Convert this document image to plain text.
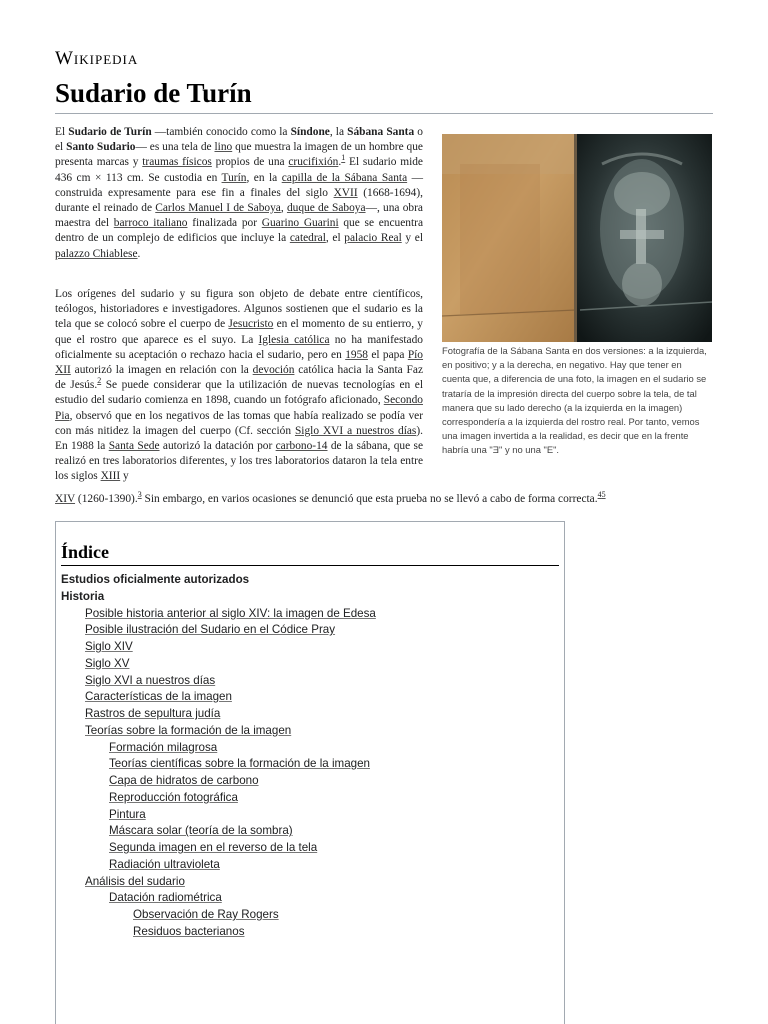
Wikipedia
Sudario de Turín

El Sudario de Turín —también conocido como la Síndone, la Sábana Santa o el Santo Sudario— es una tela de lino que muestra la imagen de un hombre que presenta marcas y traumas físicos propios de una crucifixión.$^1$ El sudario mide 436 cm × 113 cm. Se custodia en Turín, en la capilla de la Sábana Santa —construida expresamente para ese fin a finales del siglo XVII (1668-1694), durante el reinado de Carlos Manuel I de Saboya, duque de Saboya—, una obra maestra del barroco italiano finalizada por Guarino Guarini que se encuentra dentro de un complejo de edificios que incluye la catedral, el palacio Real y el palazzo Chiablese.

Los orígenes del sudario y su figura son objeto de debate entre científicos, teólogos, historiadores e investigadores. Algunos sostienen que el sudario es la tela que se colocó sobre el cuerpo de Jesucristo en el momento de su entierro, y que el rostro que aparece es el suyo. La Iglesia católica no ha manifestado oficialmente su aceptación o rechazo hacia el sudario, pero en 1958 el papa Pío XII autorizó la imagen en relación con la devoción católica hacia la Santa Faz de Jesús.$^2$ Se puede considerar que la utilización de nuevas tecnologías en el estudio del sudario comienza en 1898, cuando un fotógrafo aficionado, Secondo Pia, observó que en los negativos de las tomas que había realizado se podía ver con más nitidez la imagen del cuerpo (Cf. sección Siglo XVI a nuestros días). En 1988 la Santa Sede autorizó la datación por carbono-14 de la sábana, que se realizó en tres laboratorios diferentes, y los tres laboratorios dataron la tela entre los siglos XIII y

XIV (1260-1390).$^3$ Sin embargo, en varios ocasiones se denunció que esta prueba no se llevó a cabo de forma correcta.$^{45}$

Fotografía de la Sábana Santa en dos versiones: a la izquierda, en positivo; y a la derecha, en negativo. Hay que tener en cuenta que, a diferencia de una foto, la imagen en el sudario se trataría de la impresión directa del cuerpo sobre la tela, de tal manera que su lado derecho (a la izquierda en la imagen) correspondería a la izquierda del rostro real. Por tanto, vemos una imagen invertida a la realidad, es decir que en la frente habría una "Ǝ" y no una "E".
Índice
Estudios oficialmente autorizados
Historia
Posible historia anterior al siglo XIV: la imagen de Edesa
Posible ilustración del Sudario en el Códice Pray
Siglo XIV
Siglo XV
Siglo XVI a nuestros días
Características de la imagen
Rastros de sepultura judía
Teorías sobre la formación de la imagen
Formación milagrosa
Teorías científicas sobre la formación de la imagen
Capa de hidratos de carbono
Reproducción fotográfica
Pintura
Máscara solar (teoría de la sombra)
Segunda imagen en el reverso de la tela
Radiación ultravioleta
Análisis del sudario
Datación radiométrica
Observación de Ray Rogers
Residuos bacterianos
